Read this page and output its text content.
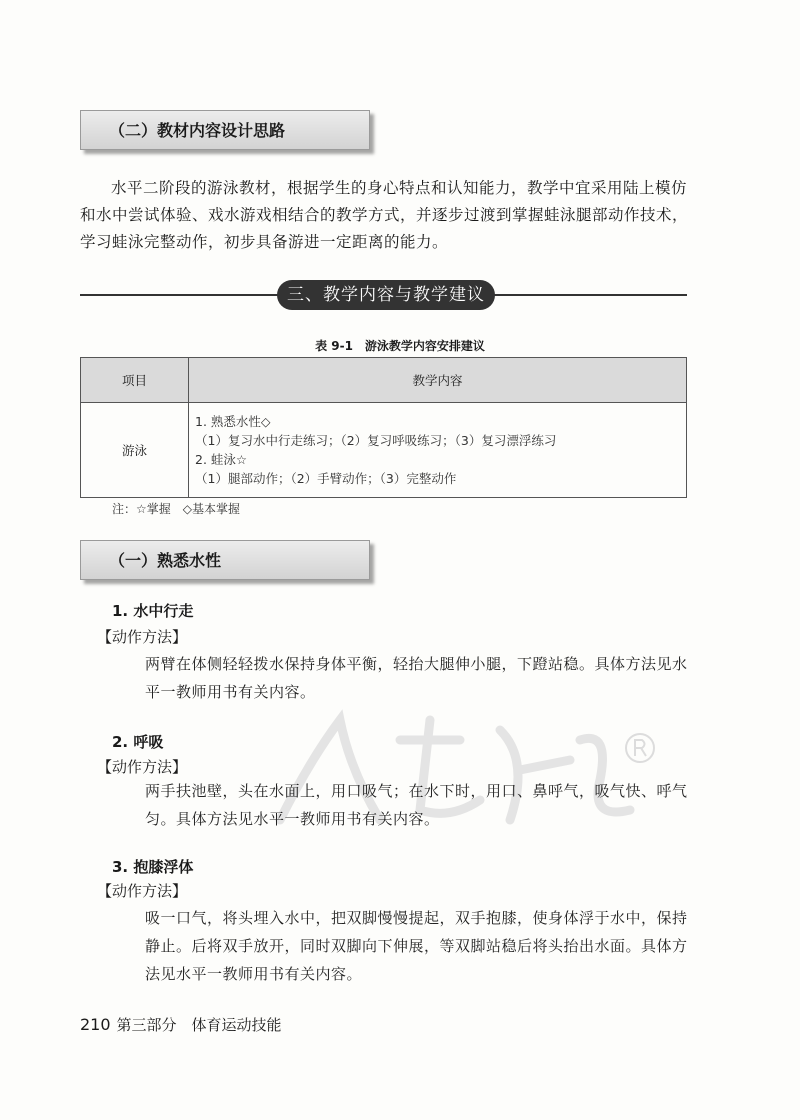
（二）教材内容设计思路
水平二阶段的游泳教材，根据学生的身心特点和认知能力，教学中宜采用陆上模仿和水中尝试体验、戏水游戏相结合的教学方式，并逐步过渡到掌握蛙泳腿部动作技术，学习蛙泳完整动作，初步具备游进一定距离的能力。
三、教学内容与教学建议
表 9-1　游泳教学内容安排建议
项目	教学内容
游泳	1. 熟悉水性◇
（1）复习水中行走练习；（2）复习呼吸练习；（3）复习漂浮练习
2. 蛙泳☆
（1）腿部动作；（2）手臂动作；（3）完整动作
注：☆掌握　◇基本掌握
（一）熟悉水性
1. 水中行走
【动作方法】
两臂在体侧轻轻拨水保持身体平衡，轻抬大腿伸小腿，下蹬站稳。具体方法见水平一教师用书有关内容。
2. 呼吸
【动作方法】
两手扶池壁，头在水面上，用口吸气；在水下时，用口、鼻呼气，吸气快、呼气匀。具体方法见水平一教师用书有关内容。
3. 抱膝浮体
【动作方法】
吸一口气，将头埋入水中，把双脚慢慢提起，双手抱膝，使身体浮于水中，保持静止。后将双手放开，同时双脚向下伸展，等双脚站稳后将头抬出水面。具体方法见水平一教师用书有关内容。
210 第三部分　体育运动技能
